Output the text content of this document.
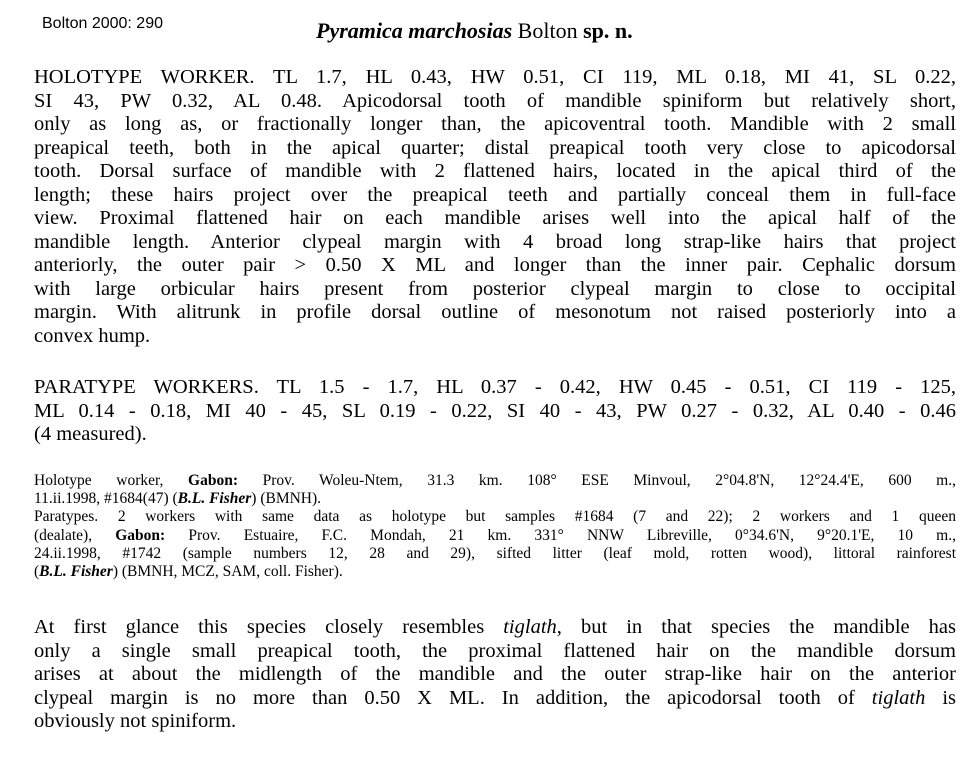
Bolton 2000: 290	Pyramica marchosias Bolton sp. n.
HOLOTYPE WORKER. TL 1.7, HL 0.43, HW 0.51, CI 119, ML 0.18, MI 41, SL 0.22,
SI 43, PW 0.32, AL 0.48. Apicodorsal tooth of mandible spiniform but relatively short,
only as long as, or fractionally longer than, the apicoventral tooth. Mandible with 2 small
preapical teeth, both in the apical quarter; distal preapical tooth very close to apicodorsal
tooth. Dorsal surface of mandible with 2 flattened hairs, located in the apical third of the
length; these hairs project over the preapical teeth and partially conceal them in full-face
view. Proximal flattened hair on each mandible arises well into the apical half of the
mandible length. Anterior clypeal margin with 4 broad long strap-like hairs that project
anteriorly, the outer pair > 0.50 X ML and longer than the inner pair. Cephalic dorsum
with large orbicular hairs present from posterior clypeal margin to close to occipital
margin. With alitrunk in profile dorsal outline of mesonotum not raised posteriorly into a
convex hump.
PARATYPE WORKERS. TL 1.5 - 1.7, HL 0.37 - 0.42, HW 0.45 - 0.51, CI 119 - 125,
ML 0.14 - 0.18, MI 40 - 45, SL 0.19 - 0.22, SI 40 - 43, PW 0.27 - 0.32, AL 0.40 - 0.46
(4 measured).
Holotype worker, Gabon: Prov. Woleu-Ntem, 31.3 km. 108° ESE Minvoul, 2°04.8'N, 12°24.4'E, 600 m.,
11.ii.1998, #1684(47) (B.L. Fisher) (BMNH).
Paratypes. 2 workers with same data as holotype but samples #1684 (7 and 22); 2 workers and 1 queen
(dealate), Gabon: Prov. Estuaire, F.C. Mondah, 21 km. 331° NNW Libreville, 0°34.6'N, 9°20.1'E, 10 m.,
24.ii.1998, #1742 (sample numbers 12, 28 and 29), sifted litter (leaf mold, rotten wood), littoral rainforest
(B.L. Fisher) (BMNH, MCZ, SAM, coll. Fisher).
At first glance this species closely resembles tiglath, but in that species the mandible has
only a single small preapical tooth, the proximal flattened hair on the mandible dorsum
arises at about the midlength of the mandible and the outer strap-like hair on the anterior
clypeal margin is no more than 0.50 X ML. In addition, the apicodorsal tooth of tiglath is
obviously not spiniform.
